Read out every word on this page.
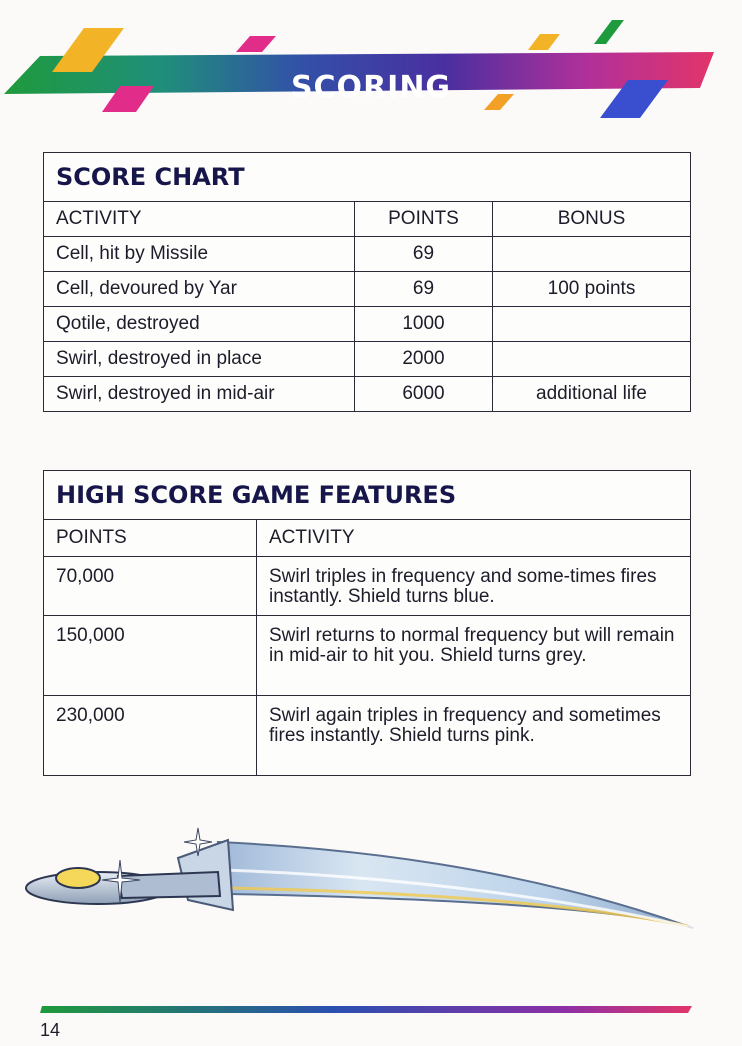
SCORING
SCORE CHART		
ACTIVITY	POINTS	BONUS
Cell, hit by Missile	69	
Cell, devoured by Yar	69	100 points
Qotile, destroyed	1000	
Swirl, destroyed in place	2000	
Swirl, destroyed in mid-air	6000	additional life
HIGH SCORE GAME FEATURES	
POINTS	ACTIVITY
70,000	Swirl triples in frequency and some-times fires instantly. Shield turns blue.
150,000	Swirl returns to normal frequency but will remain in mid-air to hit you. Shield turns grey.
230,000	Swirl again triples in frequency and sometimes fires instantly. Shield turns pink.
14
